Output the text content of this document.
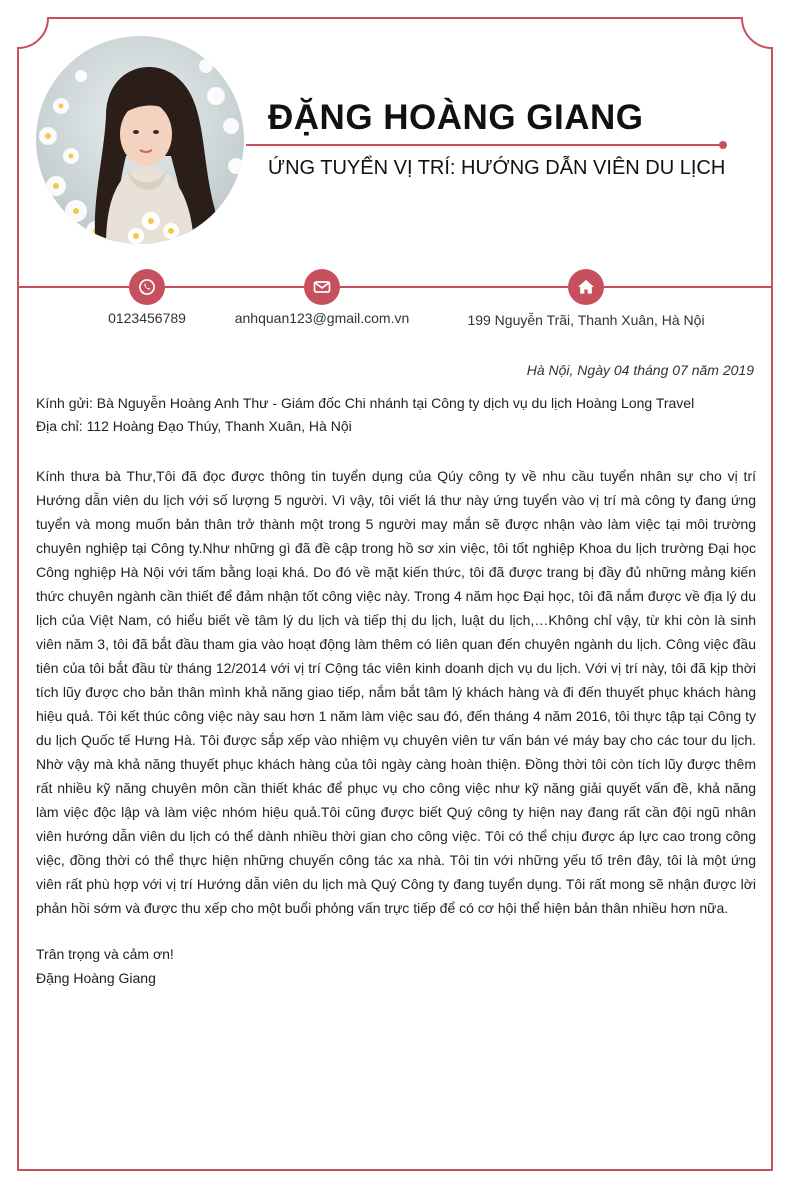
ĐẶNG HOÀNG GIANG
ỨNG TUYỂN VỊ TRÍ: HƯỚNG DẪN VIÊN DU LỊCH
0123456789	anhquan123@gmail.com.vn	199 Nguyễn Trãi, Thanh Xuân, Hà Nội
Hà Nội, Ngày 04 tháng 07 năm 2019
Kính gửi: Bà Nguyễn Hoàng Anh Thư - Giám đốc Chi nhánh tại Công ty dịch vụ du lịch Hoàng Long Travel
Địa chỉ: 112 Hoàng Đạo Thúy, Thanh Xuân, Hà Nội
Kính thưa bà Thư,Tôi đã đọc được thông tin tuyển dụng của Qúy công ty về nhu cầu tuyển nhân sự cho vị trí Hướng dẫn viên du lịch với số lượng 5 người. Vì vậy, tôi viết lá thư này ứng tuyển vào vị trí mà công ty đang ứng tuyển và mong muốn bản thân trở thành một trong 5 người may mắn sẽ được nhận vào làm việc tại môi trường chuyên nghiệp tại Công ty.Như những gì đã đề cập trong hồ sơ xin việc, tôi tốt nghiệp Khoa du lịch trường Đại học Công nghiệp Hà Nội với tấm bằng loại khá. Do đó về mặt kiến thức, tôi đã được trang bị đầy đủ những mảng kiến thức chuyên ngành cần thiết để đảm nhận tốt công việc này. Trong 4 năm học Đại học, tôi đã nắm được về địa lý du lịch của Việt Nam, có hiểu biết về tâm lý du lịch và tiếp thị du lịch, luật du lịch,…Không chỉ vậy, từ khi còn là sinh viên năm 3, tôi đã bắt đầu tham gia vào hoạt động làm thêm có liên quan đến chuyên ngành du lịch. Công việc đầu tiên của tôi bắt đầu từ tháng 12/2014 với vị trí Cộng tác viên kinh doanh dịch vụ du lịch. Với vị trí này, tôi đã kịp thời tích lũy được cho bản thân mình khả năng giao tiếp, nắm bắt tâm lý khách hàng và đi đến thuyết phục khách hàng hiệu quả. Tôi kết thúc công việc này sau hơn 1 năm làm việc sau đó, đến tháng 4 năm 2016, tôi thực tập tại Công ty du lịch Quốc tế Hưng Hà. Tôi được sắp xếp vào nhiệm vụ chuyên viên tư vấn bán vé máy bay cho các tour du lịch. Nhờ vậy mà khả năng thuyết phục khách hàng của tôi ngày càng hoàn thiện. Đồng thời tôi còn tích lũy được thêm rất nhiều kỹ năng chuyên môn cần thiết khác để phục vụ cho công việc như kỹ năng giải quyết vấn đề, khả năng làm việc độc lập và làm việc nhóm hiệu quả.Tôi cũng được biết Quý công ty hiện nay đang rất cần đội ngũ nhân viên hướng dẫn viên du lịch có thể dành nhiều thời gian cho công việc. Tôi có thể chịu được áp lực cao trong công việc, đồng thời có thể thực hiện những chuyến công tác xa nhà. Tôi tin với những yếu tố trên đây, tôi là một ứng viên rất phù hợp với vị trí Hướng dẫn viên du lịch mà Quý Công ty đang tuyển dụng. Tôi rất mong sẽ nhận được lời phản hồi sớm và được thu xếp cho một buổi phỏng vấn trực tiếp để có cơ hội thể hiện bản thân nhiều hơn nữa.
Trân trọng và cảm ơn!
Đặng Hoàng Giang
